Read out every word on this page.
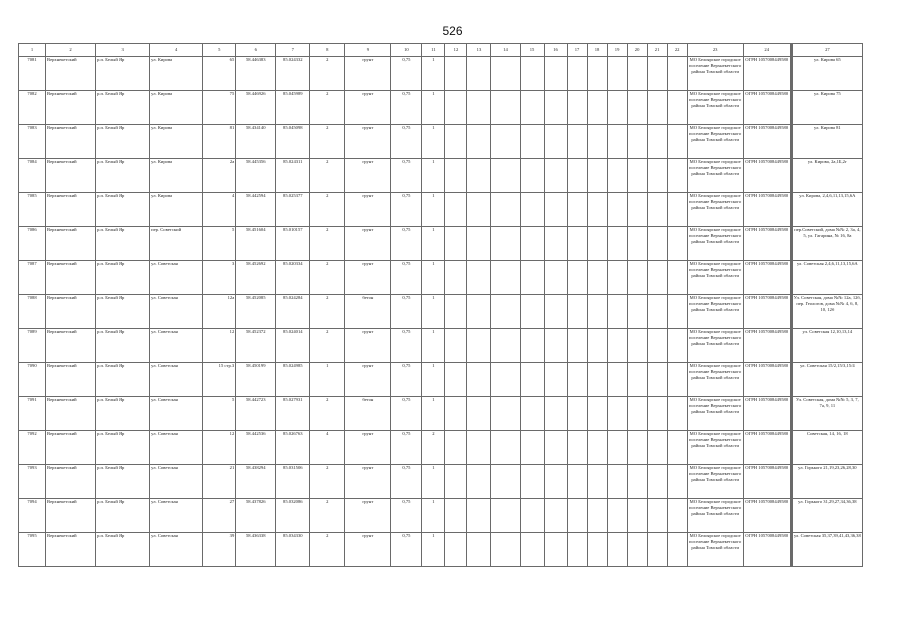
526
1	2	3	4	5	6	7	8	9	10	11	12	13	14	15	16	17	18	19	20	21	22	23	24			27
7081	Верхнекетский	р.п. Белый Яр	ул. Кирова	65	58.446383	85.024332	2	грунт	0,75	1												МО Белоярское городское поселение Верхнекетского района Томской области	ОГРН 1057008449580			ул. Кирова 65
7082	Верхнекетский	р.п. Белый Яр	ул. Кирова	75	58.446926	85.045989	2	грунт	0,75	1												МО Белоярское городское поселение Верхнекетского района Томской области	ОГРН 1057008449580			ул. Кирова 75
7083	Верхнекетский	р.п. Белый Яр	ул. Кирова	81	58.434140	85.045098	2	грунт	0,75	1												МО Белоярское городское поселение Верхнекетского района Томской области	ОГРН 1057008449580			ул. Кирова 81
7084	Верхнекетский	р.п. Белый Яр	ул. Кирова	2а	58.445356	85.024311	2	грунт	0,75	1												МО Белоярское городское поселение Верхнекетского района Томской области	ОГРН 1057008449580			ул. Кирова, 2а,1Б,2г
7085	Верхнекетский	р.п. Белый Яр	ул. Кирова	4	58.442594	85.025377	2	грунт	0,75	1												МО Белоярское городское поселение Верхнекетского района Томской области	ОГРН 1057008449580			ул. Кирова, 2,4,6,11,13,15,6А
7086	Верхнекетский	р.п. Белый Яр	пер. Советский	5	58.451604	85.010157	2	грунт	0,75	1												МО Белоярское городское поселение Верхнекетского района Томской области	ОГРН 1057008449580			пер.Советский, дома №№ 2, 3а, 4, 5, ул. Гагарина, № 16, 8а
7087	Верхнекетский	р.п. Белый Яр	ул. Советская	3	58.452692	85.020334	2	грунт	0,75	1												МО Белоярское городское поселение Верхнекетского района Томской области	ОГРН 1057008449580			ул. Советская 2,4,6,11,13,15,6А
7088	Верхнекетский	р.п. Белый Яр	ул. Советская	12а	58.452085	85.024284	2	бетон	0,75	1												МО Белоярское городское поселение Верхнекетского района Томской области	ОГРН 1057008449580			Ул. Советская, дома №№ 12а, 12б, пер. Геологов, дома №№ 4, 6, 8, 10, 12б
7089	Верхнекетский	р.п. Белый Яр	ул. Советская	12	58.452372	85.024014	2	грунт	0,75	1												МО Белоярское городское поселение Верхнекетского района Томской области	ОГРН 1057008449580			ул. Советская 12,10,13,14
7090	Верхнекетский	р.п. Белый Яр	ул. Советская	15 стр.3	58.450199	85.024985	1	грунт	0,75	1												МО Белоярское городское поселение Верхнекетского района Томской области	ОГРН 1057008449580			ул. Советская 15/2,15/3,15/4
7091	Верхнекетский	р.п. Белый Яр	ул. Советская	5	58.442723	85.027931	2	бетон	0,75	1												МО Белоярское городское поселение Верхнекетского района Томской области	ОГРН 1057008449580			Ул. Советская, дома №№ 5, 3, 7, 7а, 9, 11
7092	Верхнекетский	р.п. Белый Яр	ул. Советская	12	58.442536	85.026763	4	грунт	0,75	2												МО Белоярское городское поселение Верхнекетского района Томской области	ОГРН 1057008449580			Советская, 14, 16, 18
7093	Верхнекетский	р.п. Белый Яр	ул. Советская	21	58.438294	85.031506	2	грунт	0,75	1												МО Белоярское городское поселение Верхнекетского района Томской области	ОГРН 1057008449580			ул. Горького 21,19,23,26,28,30
7094	Верхнекетский	р.п. Белый Яр	ул. Советская	27	58.437826	85.032086	2	грунт	0,75	1												МО Белоярское городское поселение Верхнекетского района Томской области	ОГРН 1057008449580			ул. Горького 31,29,27,34,36,38
7095	Верхнекетский	р.п. Белый Яр	ул. Советская	39	58.436338	85.034330	2	грунт	0,75	1												МО Белоярское городское поселение Верхнекетского района Томской области	ОГРН 1057008449580			ул. Советская 35,37,39,41,43,36,38
